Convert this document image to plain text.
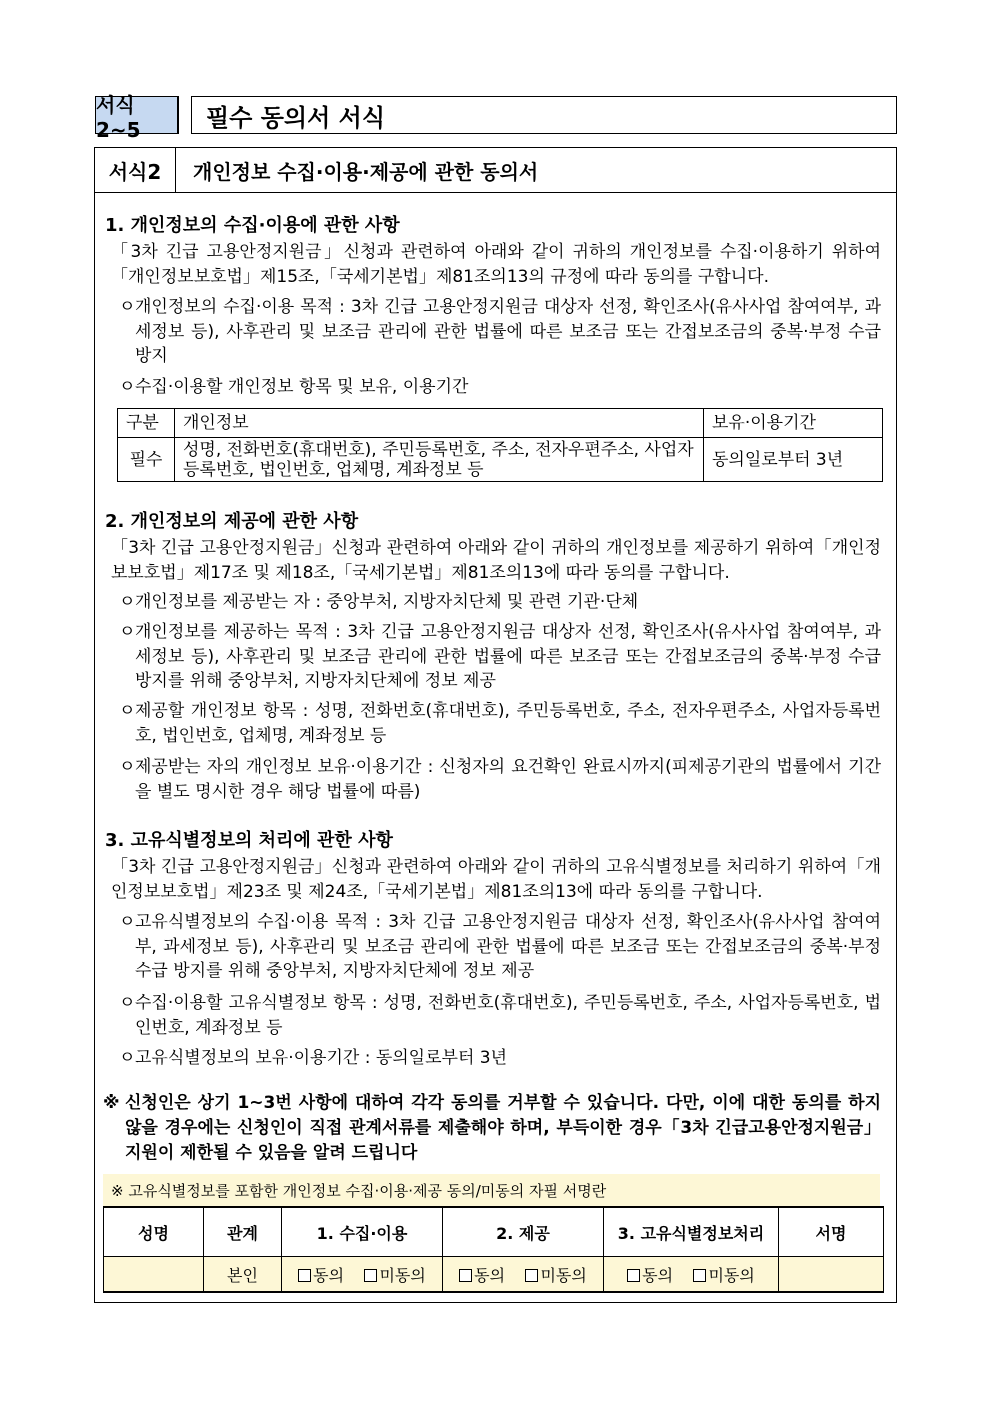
서식2~5	필수 동의서 서식
서식2	개인정보 수집·이용·제공에 관한 동의서
1. 개인정보의 수집·이용에 관한 사항
「3차 긴급 고용안정지원금」신청과 관련하여 아래와 같이 귀하의 개인정보를 수집·이용하기 위하여「개인정보보호법」제15조,「국세기본법」제81조의13의 규정에 따라 동의를 구합니다.
ㅇ 개인정보의 수집·이용 목적 : 3차 긴급 고용안정지원금 대상자 선정, 확인조사(유사사업 참여여부, 과세정보 등), 사후관리 및 보조금 관리에 관한 법률에 따른 보조금 또는 간접보조금의 중복·부정 수급 방지
ㅇ 수집·이용할 개인정보 항목 및 보유, 이용기간
구분	개인정보	보유·이용기간
필수	성명, 전화번호(휴대번호), 주민등록번호, 주소, 전자우편주소, 사업자등록번호, 법인번호, 업체명, 계좌정보 등	동의일로부터 3년
2. 개인정보의 제공에 관한 사항
「3차 긴급 고용안정지원금」신청과 관련하여 아래와 같이 귀하의 개인정보를 제공하기 위하여「개인정보보호법」제17조 및 제18조,「국세기본법」제81조의13에 따라 동의를 구합니다.
ㅇ 개인정보를 제공받는 자 : 중앙부처, 지방자치단체 및 관련 기관·단체
ㅇ 개인정보를 제공하는 목적 : 3차 긴급 고용안정지원금 대상자 선정, 확인조사(유사사업 참여여부, 과세정보 등), 사후관리 및 보조금 관리에 관한 법률에 따른 보조금 또는 간접보조금의 중복·부정 수급 방지를 위해 중앙부처, 지방자치단체에 정보 제공
ㅇ 제공할 개인정보 항목 : 성명, 전화번호(휴대번호), 주민등록번호, 주소, 전자우편주소, 사업자등록번호, 법인번호, 업체명, 계좌정보 등
ㅇ 제공받는 자의 개인정보 보유·이용기간 : 신청자의 요건확인 완료시까지(피제공기관의 법률에서 기간을 별도 명시한 경우 해당 법률에 따름)
3. 고유식별정보의 처리에 관한 사항
「3차 긴급 고용안정지원금」신청과 관련하여 아래와 같이 귀하의 고유식별정보를 처리하기 위하여「개인정보보호법」제23조 및 제24조,「국세기본법」제81조의13에 따라 동의를 구합니다.
ㅇ 고유식별정보의 수집·이용 목적 : 3차 긴급 고용안정지원금 대상자 선정, 확인조사(유사사업 참여여부, 과세정보 등), 사후관리 및 보조금 관리에 관한 법률에 따른 보조금 또는 간접보조금의 중복·부정 수급 방지를 위해 중앙부처, 지방자치단체에 정보 제공
ㅇ 수집·이용할 고유식별정보 항목 : 성명, 전화번호(휴대번호), 주민등록번호, 주소, 사업자등록번호, 법인번호, 계좌정보 등
ㅇ 고유식별정보의 보유·이용기간 : 동의일로부터 3년
※ 신청인은 상기 1~3번 사항에 대하여 각각 동의를 거부할 수 있습니다. 다만, 이에 대한 동의를 하지 않을 경우에는 신청인이 직접 관계서류를 제출해야 하며, 부득이한 경우「3차 긴급고용안정지원금」지원이 제한될 수 있음을 알려 드립니다
※ 고유식별정보를 포함한 개인정보 수집·이용·제공 동의/미동의 자필 서명란
성명	관계	1. 수집·이용	2. 제공	3. 고유식별정보처리	서명
	본인	동의 미동의	동의 미동의	동의 미동의	
